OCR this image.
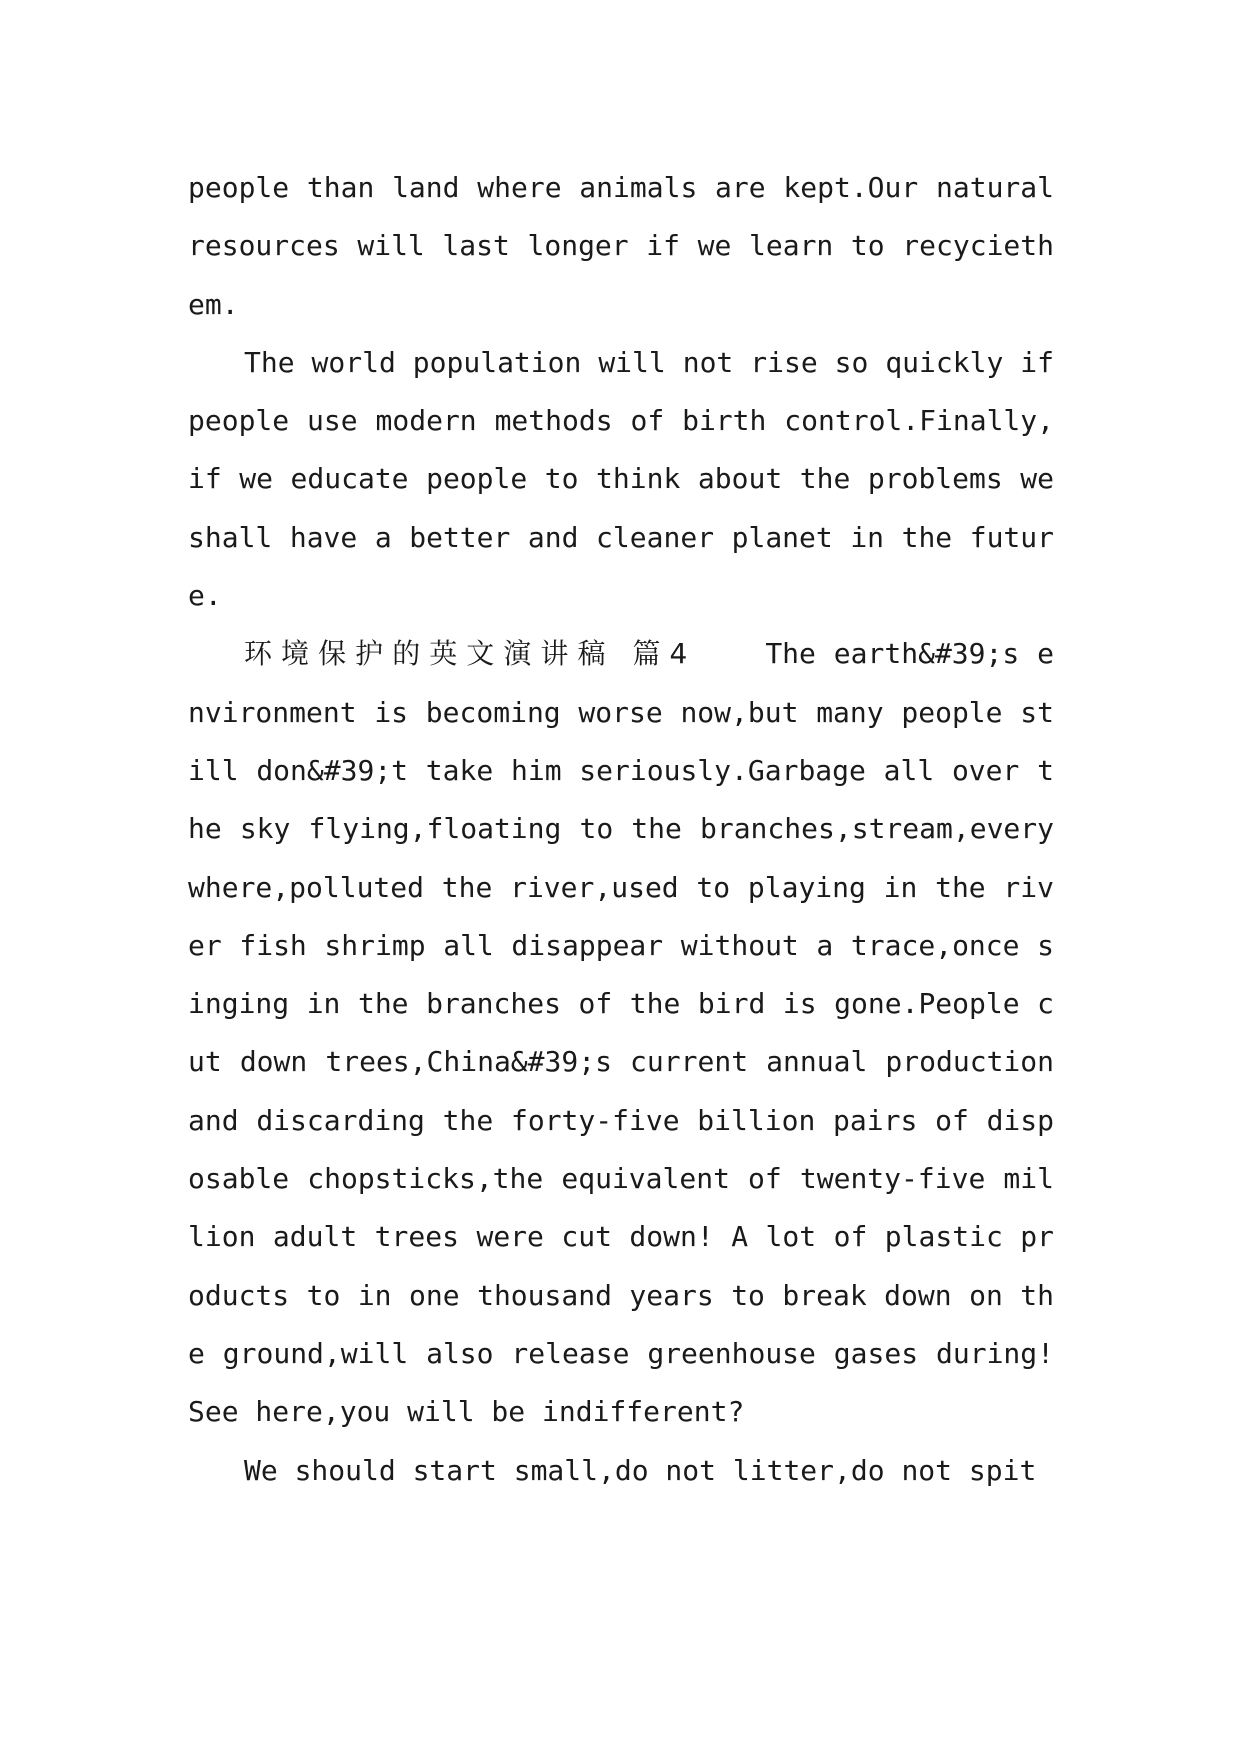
people than land where animals are kept.Our natural resources will last longer if we learn to recyciethem.

The world population will not rise so quickly if people use modern methods of birth control.Finally,if we educate people to think about the problems we shall have a better and cleaner planet in the future.

环境保护的英文演讲稿 篇4	The earth&#39;s environment is becoming worse now,but many people still don&#39;t take him seriously.Garbage all over the sky flying,floating to the branches,stream,everywhere,polluted the river,used to playing in the river fish shrimp all disappear without a trace,once singing in the branches of the bird is gone.People cut down trees,China&#39;s current annual production and discarding the forty-five billion pairs of disposable chopsticks,the equivalent of twenty-five million adult trees were cut down! A lot of plastic products to in one thousand years to break down on the ground,will also release greenhouse gases during! See here,you will be indifferent?

We should start small,do not litter,do not spit
